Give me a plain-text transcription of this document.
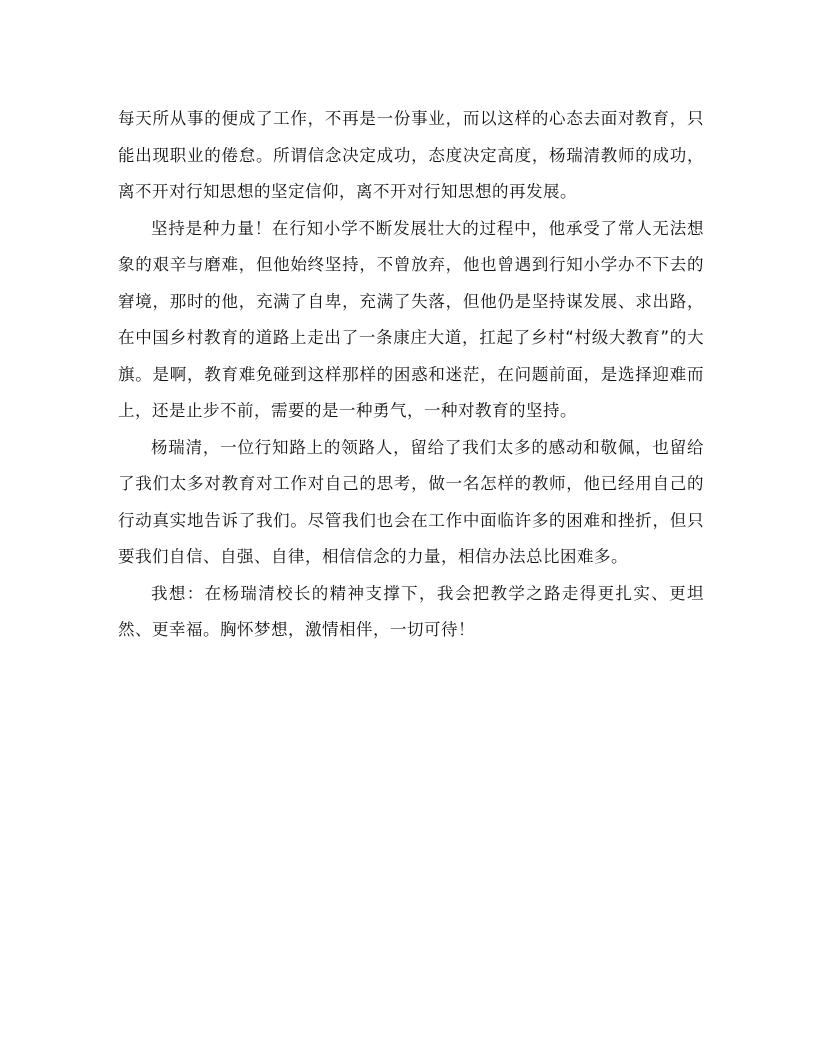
每天所从事的便成了工作，不再是一份事业，而以这样的心态去面对教育，只能出现职业的倦怠。所谓信念决定成功，态度决定高度，杨瑞清教师的成功，离不开对行知思想的坚定信仰，离不开对行知思想的再发展。

坚持是种力量！在行知小学不断发展壮大的过程中，他承受了常人无法想象的艰辛与磨难，但他始终坚持，不曾放弃，他也曾遇到行知小学办不下去的窘境，那时的他，充满了自卑，充满了失落，但他仍是坚持谋发展、求出路，在中国乡村教育的道路上走出了一条康庄大道，扛起了乡村“村级大教育”的大旗。是啊，教育难免碰到这样那样的困惑和迷茫，在问题前面，是选择迎难而上，还是止步不前，需要的是一种勇气，一种对教育的坚持。

杨瑞清，一位行知路上的领路人，留给了我们太多的感动和敬佩，也留给了我们太多对教育对工作对自己的思考，做一名怎样的教师，他已经用自己的行动真实地告诉了我们。尽管我们也会在工作中面临许多的困难和挫折，但只要我们自信、自强、自律，相信信念的力量，相信办法总比困难多。

我想：在杨瑞清校长的精神支撑下，我会把教学之路走得更扎实、更坦然、更幸福。胸怀梦想，激情相伴，一切可待！
